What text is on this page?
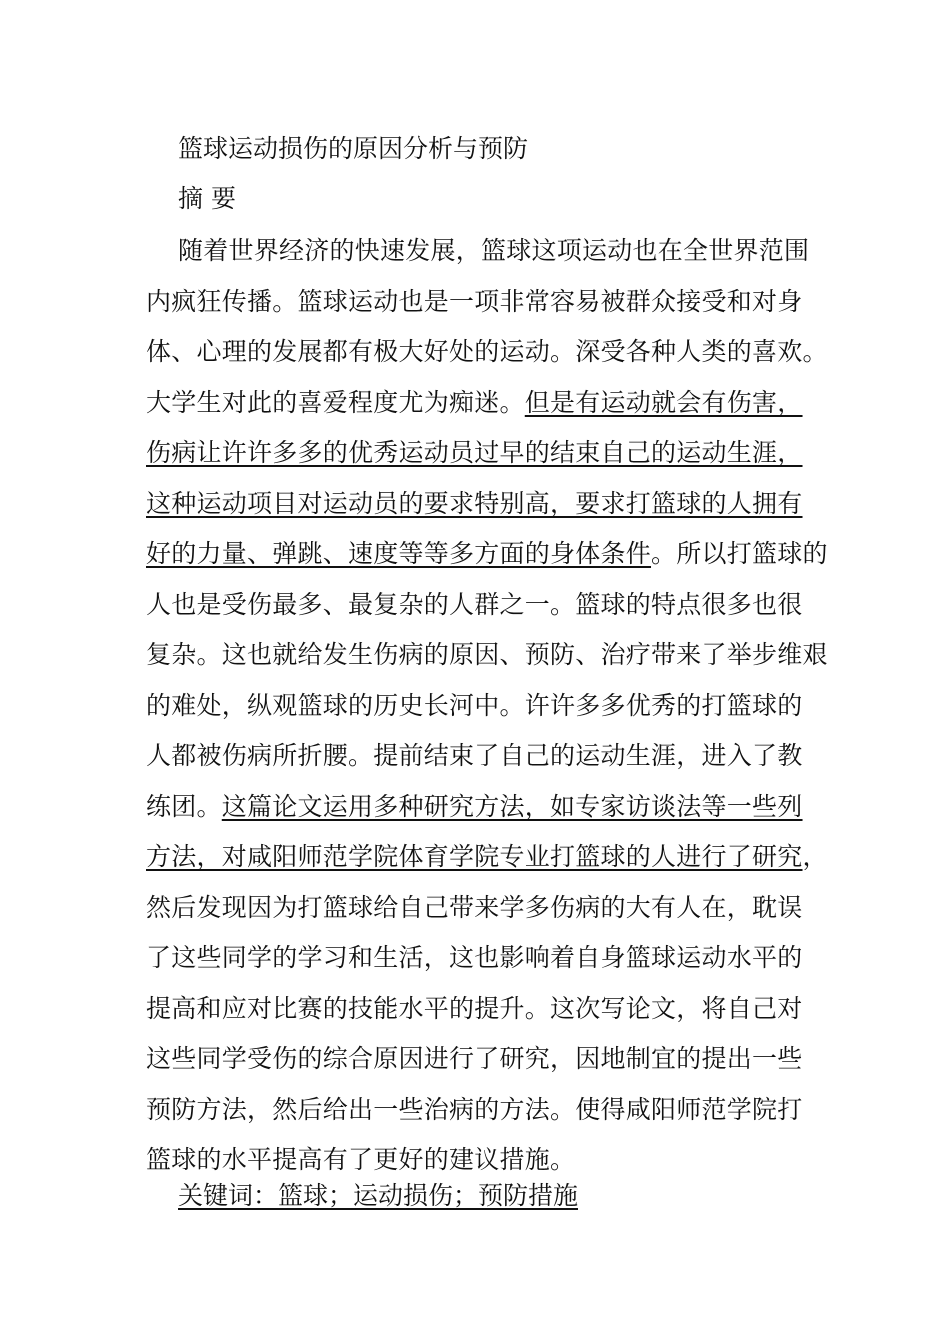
篮球运动损伤的原因分析与预防
摘 要
随着世界经济的快速发展，篮球这项运动也在全世界范围
内疯狂传播。篮球运动也是一项非常容易被群众接受和对身
体、心理的发展都有极大好处的运动。深受各种人类的喜欢。
大学生对此的喜爱程度尤为痴迷。但是有运动就会有伤害，
伤病让许许多多的优秀运动员过早的结束自己的运动生涯，
这种运动项目对运动员的要求特别高，要求打篮球的人拥有
好的力量、弹跳、速度等等多方面的身体条件。所以打篮球的
人也是受伤最多、最复杂的人群之一。篮球的特点很多也很
复杂。这也就给发生伤病的原因、预防、治疗带来了举步维艰
的难处，纵观篮球的历史长河中。许许多多优秀的打篮球的
人都被伤病所折腰。提前结束了自己的运动生涯，进入了教
练团。这篇论文运用多种研究方法，如专家访谈法等一些列
方法，对咸阳师范学院体育学院专业打篮球的人进行了研究，
然后发现因为打篮球给自己带来学多伤病的大有人在，耽误
了这些同学的学习和生活，这也影响着自身篮球运动水平的
提高和应对比赛的技能水平的提升。这次写论文，将自己对
这些同学受伤的综合原因进行了研究，因地制宜的提出一些
预防方法，然后给出一些治病的方法。使得咸阳师范学院打
篮球的水平提高有了更好的建议措施。
关键词：篮球；运动损伤；预防措施
